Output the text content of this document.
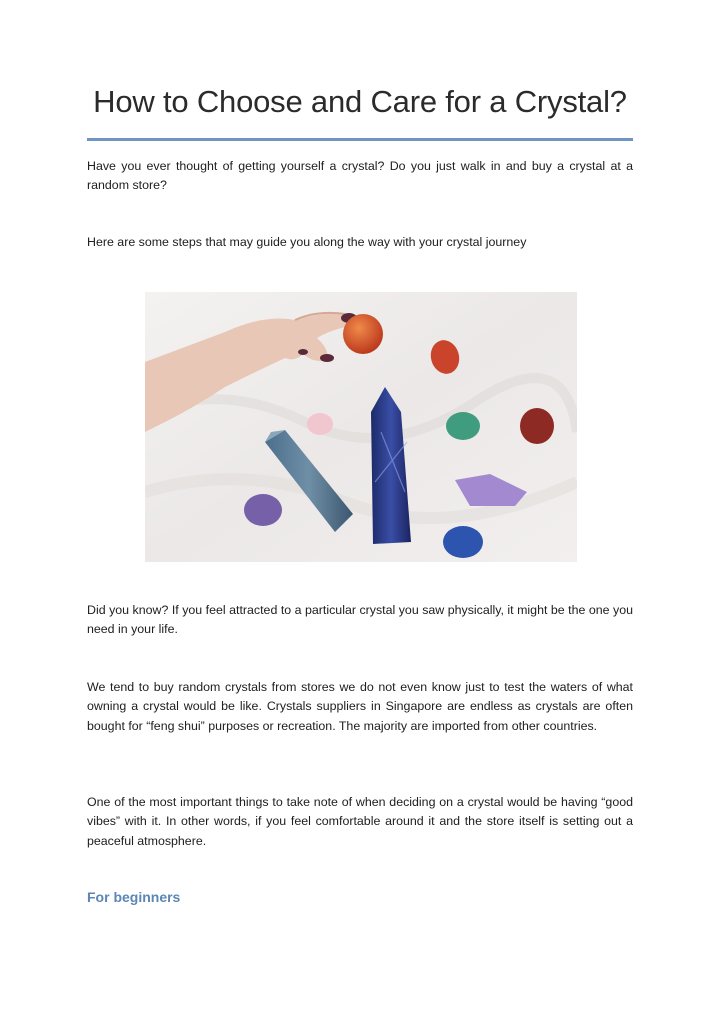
How to Choose and Care for a Crystal?

Have you ever thought of getting yourself a crystal? Do you just walk in and buy a crystal at a random store?

Here are some steps that may guide you along the way with your crystal journey

Did you know? If you feel attracted to a particular crystal you saw physically, it might be the one you need in your life.

We tend to buy random crystals from stores we do not even know just to test the waters of what owning a crystal would be like. Crystals suppliers in Singapore are endless as crystals are often bought for “feng shui” purposes or recreation. The majority are imported from other countries.

One of the most important things to take note of when deciding on a crystal would be having “good vibes” with it. In other words, if you feel comfortable around it and the store itself is setting out a peaceful atmosphere.

For beginners
